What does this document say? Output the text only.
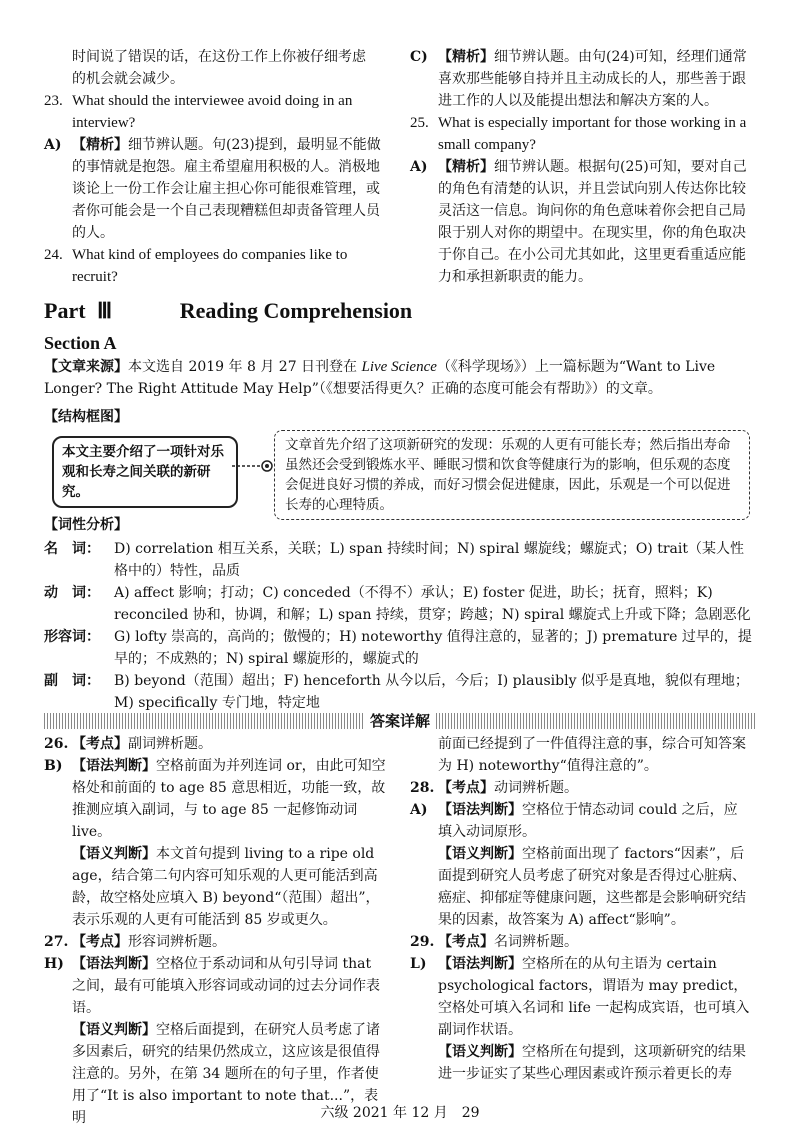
时间说了错误的话，在这份工作上你被仔细考虑
的机会就会减少。
23. What should the interviewee avoid doing in an interview?
A) 【精析】细节辨认题。句(23)提到，最明显不能做的事情就是抱怨。雇主希望雇用积极的人。消极地谈论上一份工作会让雇主担心你可能很难管理，或者你可能会是一个自己表现糟糕但却责备管理人员的人。
24. What kind of employees do companies like to recruit?
C) 【精析】细节辨认题。由句(24)可知，经理们通常喜欢那些能够自持并且主动成长的人，那些善于跟进工作的人以及能提出想法和解决方案的人。
25. What is especially important for those working in a small company?
A) 【精析】细节辨认题。根据句(25)可知，要对自己的角色有清楚的认识，并且尝试向别人传达你比较灵活这一信息。询问你的角色意味着你会把自己局限于别人对你的期望中。在现实里，你的角色取决于你自己。在小公司尤其如此，这里更看重适应能力和承担新职责的能力。
Part Ⅲ	Reading Comprehension
Section A
【文章来源】本文选自 2019 年 8 月 27 日刊登在 Live Science（《科学现场》）上一篇标题为“Want to Live Longer? The Right Attitude May Help”（《想要活得更久？正确的态度可能会有帮助》）的文章。
【结构框图】
本文主要介绍了一项针对乐观和长寿之间关联的新研究。
文章首先介绍了这项新研究的发现：乐观的人更有可能长寿；然后指出寿命虽然还会受到锻炼水平、睡眠习惯和饮食等健康行为的影响，但乐观的态度会促进良好习惯的养成，而好习惯会促进健康，因此，乐观是一个可以促进长寿的心理特质。
【词性分析】
名　词： D) correlation 相互关系，关联；L) span 持续时间；N) spiral 螺旋线；螺旋式；O) trait（某人性格中的）特性，品质
动　词： A) affect 影响；打动；C) conceded（不得不）承认；E) foster 促进，助长；抚育，照料；K) reconciled 协和，协调，和解；L) span 持续，贯穿；跨越；N) spiral 螺旋式上升或下降；急剧恶化
形容词： G) lofty 崇高的，高尚的；傲慢的；H) noteworthy 值得注意的，显著的；J) premature 过早的，提早的；不成熟的；N) spiral 螺旋形的，螺旋式的
副　词： B) beyond（范围）超出；F) henceforth 从今以后，今后；I) plausibly 似乎是真地，貌似有理地；M) specifically 专门地，特定地
答案详解
26. 【考点】副词辨析题。
B) 【语法判断】空格前面为并列连词 or，由此可知空格处和前面的 to age 85 意思相近，功能一致，故推测应填入副词，与 to age 85 一起修饰动词 live。
【语义判断】本文首句提到 living to a ripe old age，结合第二句内容可知乐观的人更可能活到高龄，故空格处应填入 B) beyond“（范围）超出”，表示乐观的人更有可能活到 85 岁或更久。
27. 【考点】形容词辨析题。
H) 【语法判断】空格位于系动词和从句引导词 that 之间，最有可能填入形容词或动词的过去分词作表语。
【语义判断】空格后面提到，在研究人员考虑了诸多因素后，研究的结果仍然成立，这应该是很值得注意的。另外，在第 34 题所在的句子里，作者使用了“It is also important to note that...”，表明
前面已经提到了一件值得注意的事，综合可知答案为 H) noteworthy“值得注意的”。
28. 【考点】动词辨析题。
A) 【语法判断】空格位于情态动词 could 之后，应填入动词原形。
【语义判断】空格前面出现了 factors“因素”，后面提到研究人员考虑了研究对象是否得过心脏病、癌症、抑郁症等健康问题，这些都是会影响研究结果的因素，故答案为 A) affect“影响”。
29. 【考点】名词辨析题。
L) 【语法判断】空格所在的从句主语为 certain psychological factors，谓语为 may predict，空格处可填入名词和 life 一起构成宾语，也可填入副词作状语。
【语义判断】空格所在句提到，这项新研究的结果进一步证实了某些心理因素或许预示着更长的寿
六级 2021 年 12 月　29
